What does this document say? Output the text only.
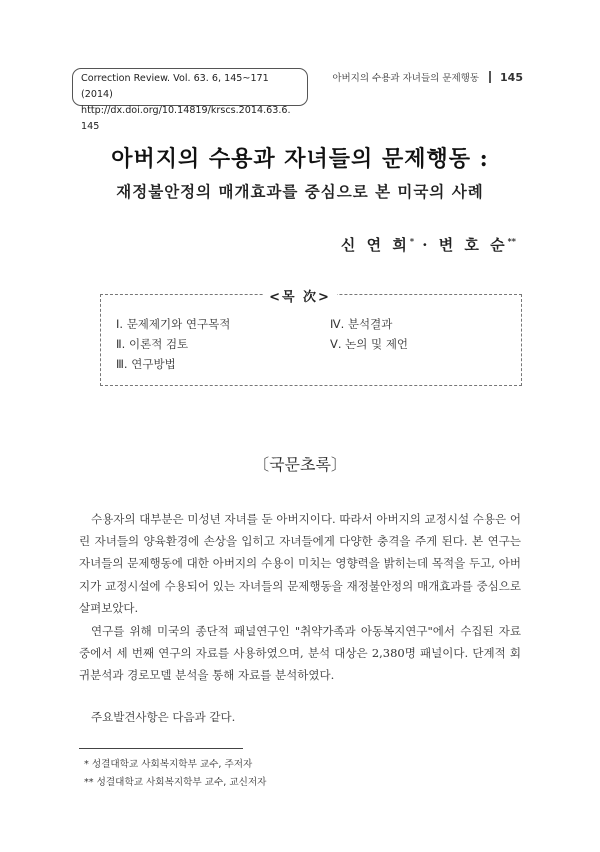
Correction Review. Vol. 63. 6, 145~171 (2014)
http://dx.doi.org/10.14819/krscs.2014.63.6. 145
아버지의 수용과 자녀들의 문제행동 145
아버지의 수용과 자녀들의 문제행동 :
재정불안정의 매개효과를 중심으로 본 미국의 사례
신 연 희* · 변 호 순**
<목 次>
Ⅰ. 문제제기와 연구목적
Ⅱ. 이론적 검토
Ⅲ. 연구방법
Ⅳ. 분석결과
Ⅴ. 논의 및 제언
〔국문초록〕

수용자의 대부분은 미성년 자녀를 둔 아버지이다. 따라서 아버지의 교정시설 수용은 어린 자녀들의 양육환경에 손상을 입히고 자녀들에게 다양한 충격을 주게 된다. 본 연구는 자녀들의 문제행동에 대한 아버지의 수용이 미치는 영향력을 밝히는데 목적을 두고, 아버지가 교정시설에 수용되어 있는 자녀들의 문제행동을 재정불안정의 매개효과를 중심으로 살펴보았다.

연구를 위해 미국의 종단적 패널연구인 "취약가족과 아동복지연구"에서 수집된 자료 중에서 세 번째 연구의 자료를 사용하였으며, 분석 대상은 2,380명 패널이다. 단계적 회귀분석과 경로모델 분석을 통해 자료를 분석하였다.

주요발견사항은 다음과 같다.

* 성결대학교 사회복지학부 교수, 주저자
** 성결대학교 사회복지학부 교수, 교신저자
